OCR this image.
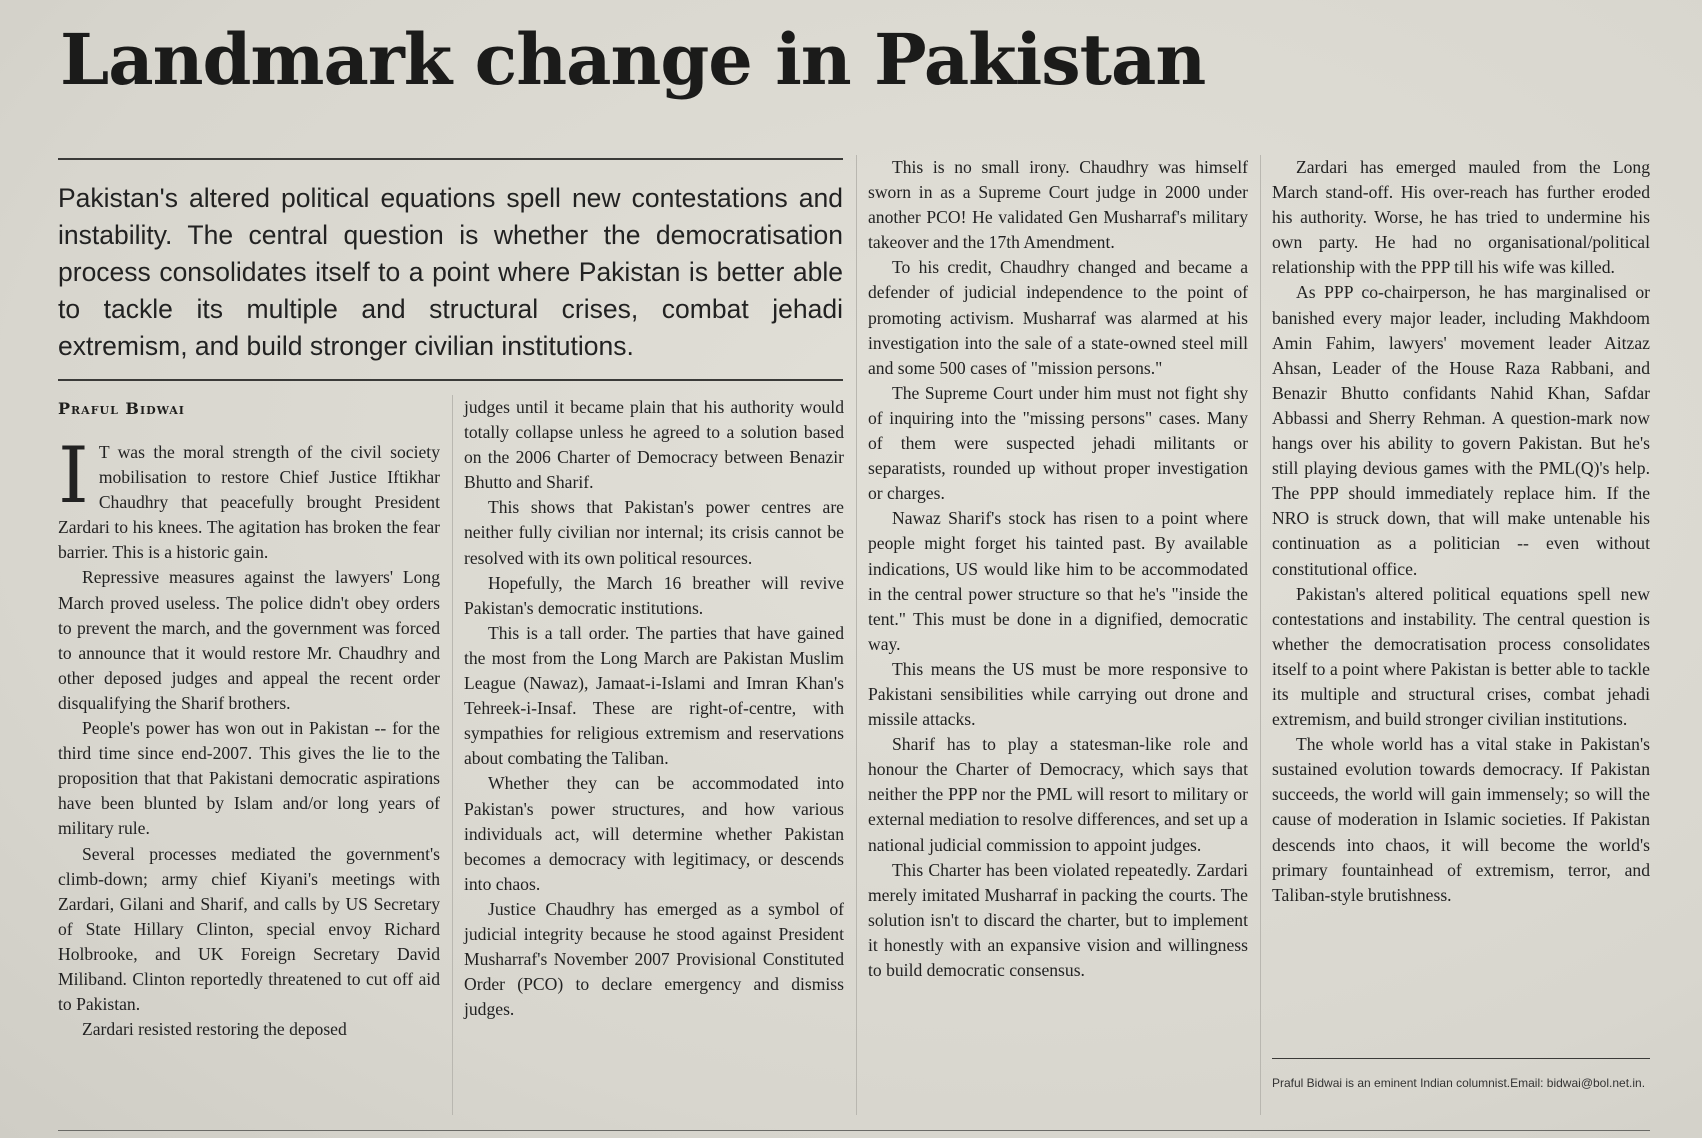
Landmark change in Pakistan

Pakistan's altered political equations spell new contestations and instability. The central question is whether the democratisation process consolidates itself to a point where Pakistan is better able to tackle its multiple and structural crises, combat jehadi extremism, and build stronger civilian institutions.

Praful Bidwai

I T was the moral strength of the civil society mobilisation to restore Chief Justice Iftikhar Chaudhry that peacefully brought President Zardari to his knees. The agitation has broken the fear barrier. This is a historic gain.

Repressive measures against the lawyers' Long March proved useless. The police didn't obey orders to prevent the march, and the government was forced to announce that it would restore Mr. Chaudhry and other deposed judges and appeal the recent order disqualifying the Sharif brothers.

People's power has won out in Pakistan -- for the third time since end-2007. This gives the lie to the proposition that that Pakistani democratic aspirations have been blunted by Islam and/or long years of military rule.

Several processes mediated the government's climb-down; army chief Kiyani's meetings with Zardari, Gilani and Sharif, and calls by US Secretary of State Hillary Clinton, special envoy Richard Holbrooke, and UK Foreign Secretary David Miliband. Clinton reportedly threatened to cut off aid to Pakistan.

Zardari resisted restoring the deposed

judges until it became plain that his authority would totally collapse unless he agreed to a solution based on the 2006 Charter of Democracy between Benazir Bhutto and Sharif.

This shows that Pakistan's power centres are neither fully civilian nor internal; its crisis cannot be resolved with its own political resources.

Hopefully, the March 16 breather will revive Pakistan's democratic institutions.

This is a tall order. The parties that have gained the most from the Long March are Pakistan Muslim League (Nawaz), Jamaat-i-Islami and Imran Khan's Tehreek-i-Insaf. These are right-of-centre, with sympathies for religious extremism and reservations about combating the Taliban.

Whether they can be accommodated into Pakistan's power structures, and how various individuals act, will determine whether Pakistan becomes a democracy with legitimacy, or descends into chaos.

Justice Chaudhry has emerged as a symbol of judicial integrity because he stood against President Musharraf's November 2007 Provisional Constituted Order (PCO) to declare emergency and dismiss judges.

This is no small irony. Chaudhry was himself sworn in as a Supreme Court judge in 2000 under another PCO! He validated Gen Musharraf's military takeover and the 17th Amendment.

To his credit, Chaudhry changed and became a defender of judicial independence to the point of promoting activism. Musharraf was alarmed at his investigation into the sale of a state-owned steel mill and some 500 cases of "mission persons."

The Supreme Court under him must not fight shy of inquiring into the "missing persons" cases. Many of them were suspected jehadi militants or separatists, rounded up without proper investigation or charges.

Nawaz Sharif's stock has risen to a point where people might forget his tainted past. By available indications, US would like him to be accommodated in the central power structure so that he's "inside the tent." This must be done in a dignified, democratic way.

This means the US must be more responsive to Pakistani sensibilities while carrying out drone and missile attacks.

Sharif has to play a statesman-like role and honour the Charter of Democracy, which says that neither the PPP nor the PML will resort to military or external mediation to resolve differences, and set up a national judicial commission to appoint judges.

This Charter has been violated repeatedly. Zardari merely imitated Musharraf in packing the courts. The solution isn't to discard the charter, but to implement it honestly with an expansive vision and willingness to build democratic consensus.

Zardari has emerged mauled from the Long March stand-off. His over-reach has further eroded his authority. Worse, he has tried to undermine his own party. He had no organisational/political relationship with the PPP till his wife was killed.

As PPP co-chairperson, he has marginalised or banished every major leader, including Makhdoom Amin Fahim, lawyers' movement leader Aitzaz Ahsan, Leader of the House Raza Rabbani, and Benazir Bhutto confidants Nahid Khan, Safdar Abbassi and Sherry Rehman. A question-mark now hangs over his ability to govern Pakistan. But he's still playing devious games with the PML(Q)'s help. The PPP should immediately replace him. If the NRO is struck down, that will make untenable his continuation as a politician -- even without constitutional office.

Pakistan's altered political equations spell new contestations and instability. The central question is whether the democratisation process consolidates itself to a point where Pakistan is better able to tackle its multiple and structural crises, combat jehadi extremism, and build stronger civilian institutions.

The whole world has a vital stake in Pakistan's sustained evolution towards democracy. If Pakistan succeeds, the world will gain immensely; so will the cause of moderation in Islamic societies. If Pakistan descends into chaos, it will become the world's primary fountainhead of extremism, terror, and Taliban-style brutishness.

Praful Bidwai is an eminent Indian columnist.Email: bidwai@bol.net.in.
